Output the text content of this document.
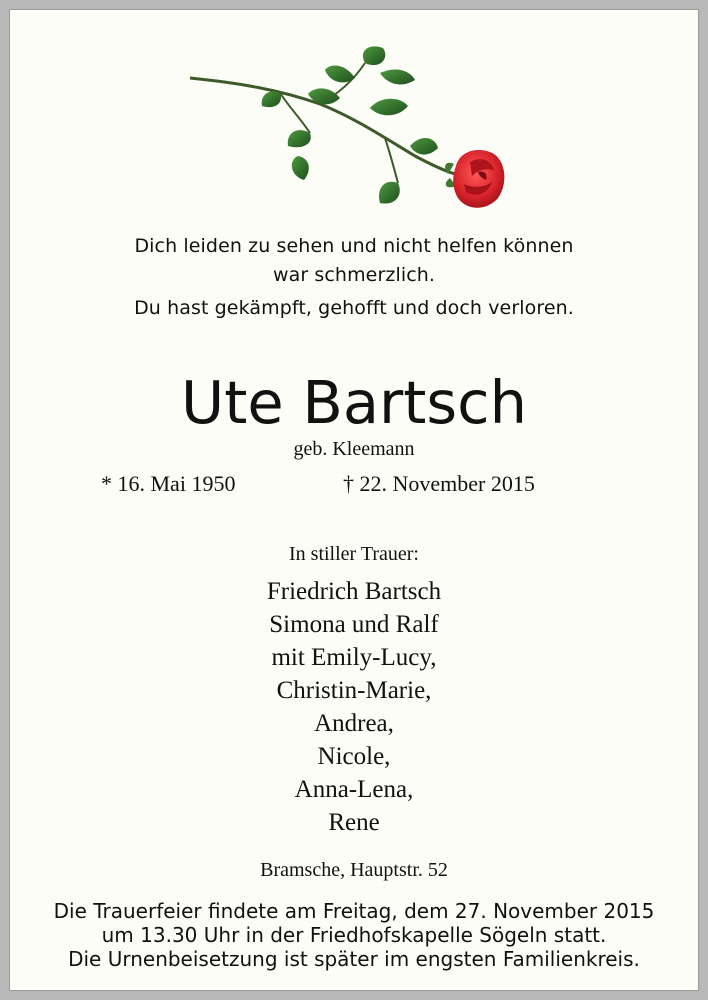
Dich leiden zu sehen und nicht helfen können
war schmerzlich.
Du hast gekämpft, gehofft und doch verloren.
Ute Bartsch
geb. Kleemann
* 16. Mai 1950	† 22. November 2015
In stiller Trauer:
Friedrich Bartsch
Simona und Ralf
mit Emily-Lucy,
Christin-Marie,
Andrea,
Nicole,
Anna-Lena,
Rene
Bramsche, Hauptstr. 52
Die Trauerfeier findete am Freitag, dem 27. November 2015
um 13.30 Uhr in der Friedhofskapelle Sögeln statt.
Die Urnenbeisetzung ist später im engsten Familienkreis.
